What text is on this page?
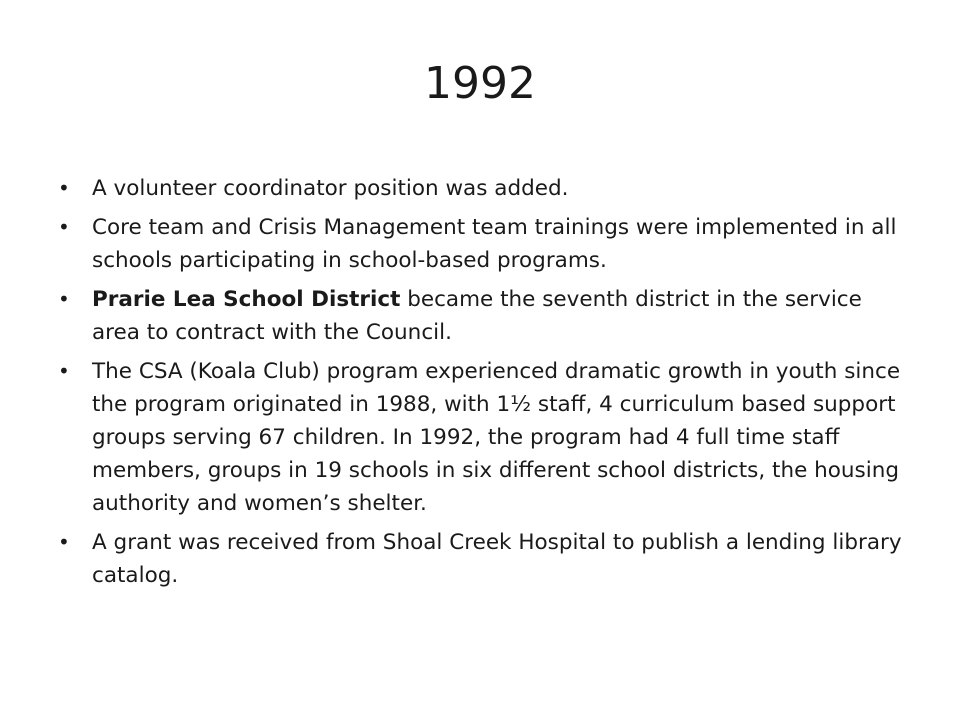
1992
• A volunteer coordinator position was added.
• Core team and Crisis Management team trainings were implemented in all schools participating in school-based programs.
• Prarie Lea School District became the seventh district in the service area to contract with the Council.
• The CSA (Koala Club) program experienced dramatic growth in youth since the program originated in 1988, with 1½ staff, 4 curriculum based support groups serving 67 children. In 1992, the program had 4 full time staff members, groups in 19 schools in six different school districts, the housing authority and women’s shelter.
• A grant was received from Shoal Creek Hospital to publish a lending library catalog.
